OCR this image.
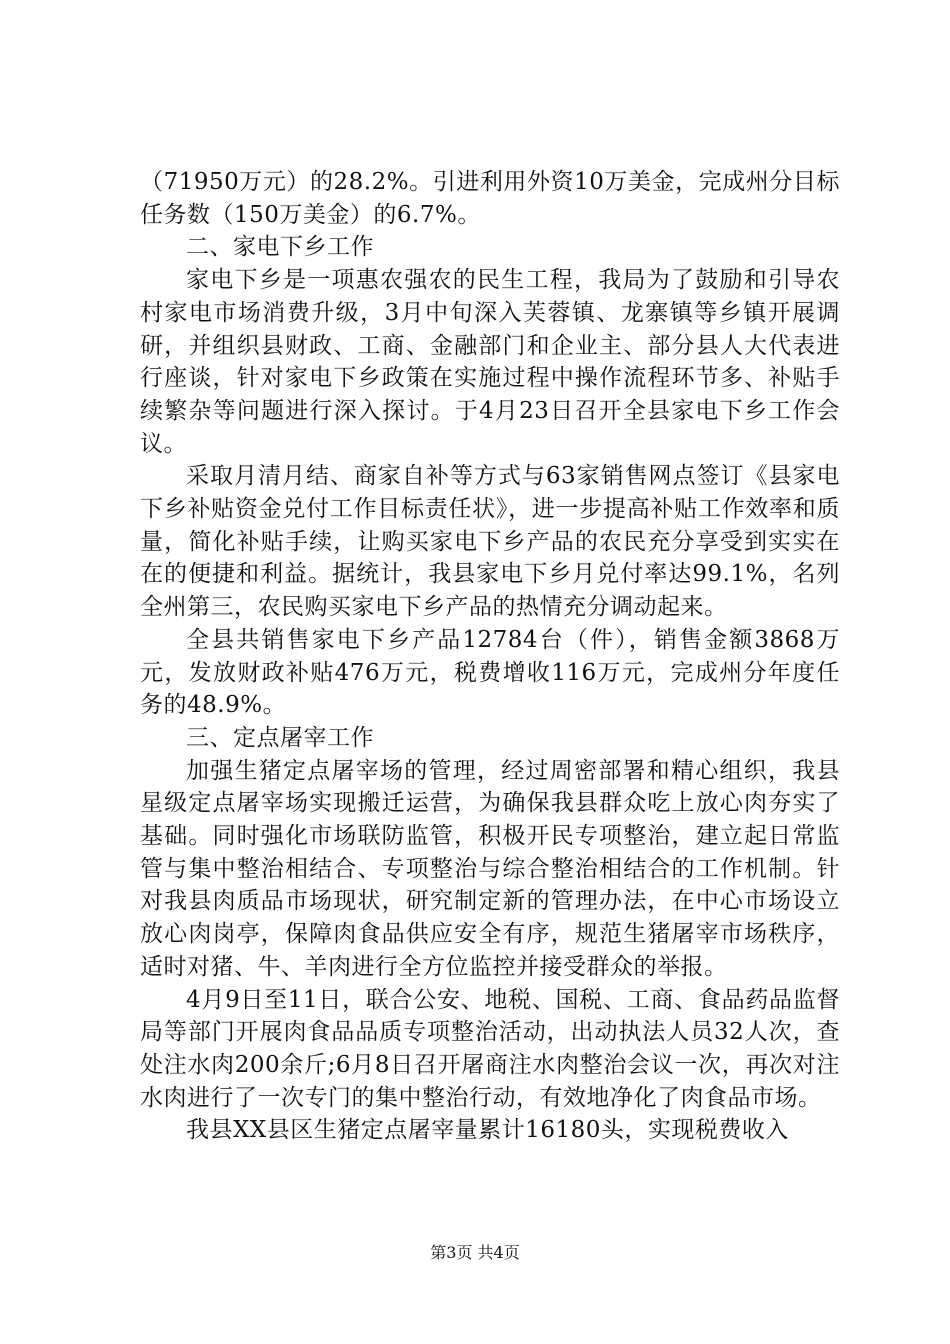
（71950万元）的28.2%。引进利用外资10万美金，完成州分目标任务数（150万美金）的6.7%。

二、家电下乡工作

家电下乡是一项惠农强农的民生工程，我局为了鼓励和引导农村家电市场消费升级，3月中旬深入芙蓉镇、龙寨镇等乡镇开展调研，并组织县财政、工商、金融部门和企业主、部分县人大代表进行座谈，针对家电下乡政策在实施过程中操作流程环节多、补贴手续繁杂等问题进行深入探讨。于4月23日召开全县家电下乡工作会议。

采取月清月结、商家自补等方式与63家销售网点签订《县家电下乡补贴资金兑付工作目标责任状》，进一步提高补贴工作效率和质量，简化补贴手续，让购买家电下乡产品的农民充分享受到实实在在的便捷和利益。据统计，我县家电下乡月兑付率达99.1%，名列全州第三，农民购买家电下乡产品的热情充分调动起来。

全县共销售家电下乡产品12784台（件），销售金额3868万元，发放财政补贴476万元，税费增收116万元，完成州分年度任务的48.9%。

三、定点屠宰工作

加强生猪定点屠宰场的管理，经过周密部署和精心组织，我县星级定点屠宰场实现搬迁运营，为确保我县群众吃上放心肉夯实了基础。同时强化市场联防监管，积极开民专项整治，建立起日常监管与集中整治相结合、专项整治与综合整治相结合的工作机制。针对我县肉质品市场现状，研究制定新的管理办法，在中心市场设立放心肉岗亭，保障肉食品供应安全有序，规范生猪屠宰市场秩序，适时对猪、牛、羊肉进行全方位监控并接受群众的举报。

4月9日至11日，联合公安、地税、国税、工商、食品药品监督局等部门开展肉食品品质专项整治活动，出动执法人员32人次，查处注水肉200余斤;6月8日召开屠商注水肉整治会议一次，再次对注水肉进行了一次专门的集中整治行动，有效地净化了肉食品市场。

我县XX县区生猪定点屠宰量累计16180头，实现税费收入

第3页 共4页
